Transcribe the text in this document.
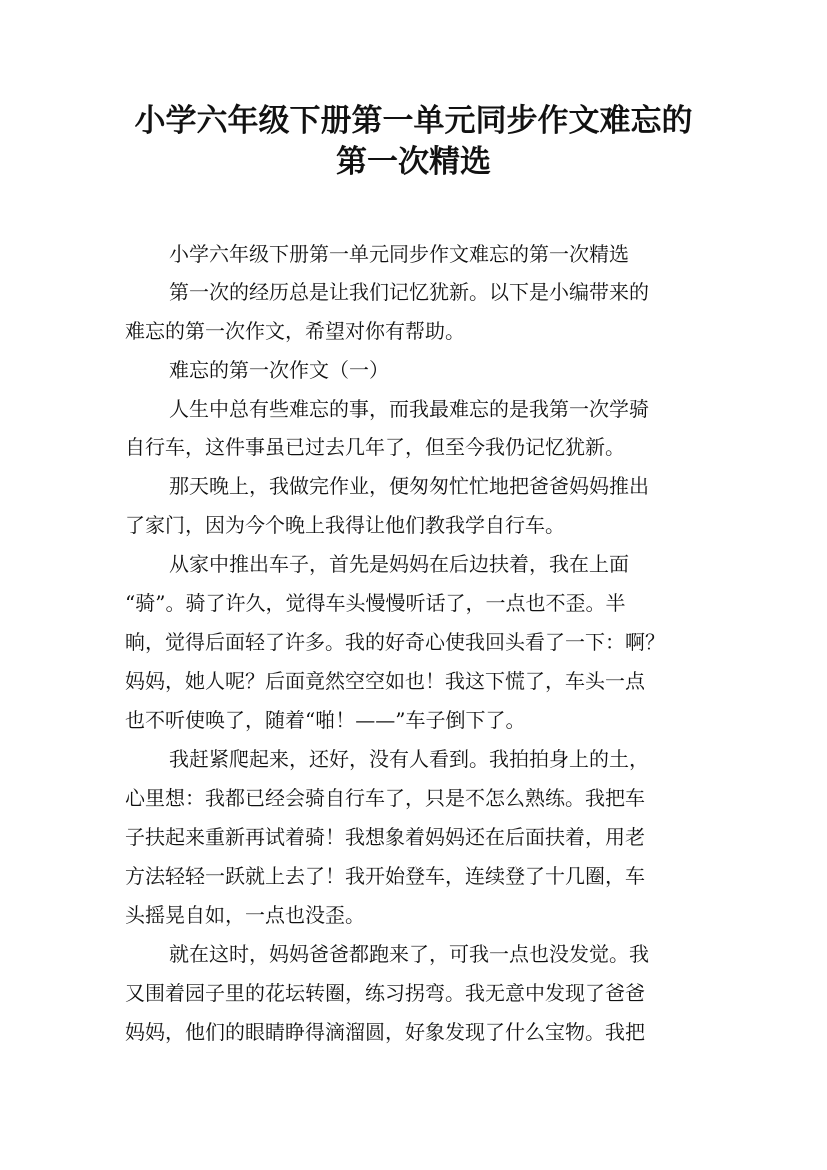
小学六年级下册第一单元同步作文难忘的
第一次精选
小学六年级下册第一单元同步作文难忘的第一次精选
第一次的经历总是让我们记忆犹新。以下是小编带来的
难忘的第一次作文，希望对你有帮助。
难忘的第一次作文（一）
人生中总有些难忘的事，而我最难忘的是我第一次学骑
自行车，这件事虽已过去几年了，但至今我仍记忆犹新。
那天晚上，我做完作业，便匆匆忙忙地把爸爸妈妈推出
了家门，因为今个晚上我得让他们教我学自行车。
从家中推出车子，首先是妈妈在后边扶着，我在上面
“骑”。骑了许久，觉得车头慢慢听话了，一点也不歪。半
晌，觉得后面轻了许多。我的好奇心使我回头看了一下：啊？
妈妈，她人呢？后面竟然空空如也！我这下慌了，车头一点
也不听使唤了，随着“啪！——”车子倒下了。
我赶紧爬起来，还好，没有人看到。我拍拍身上的土，
心里想：我都已经会骑自行车了，只是不怎么熟练。我把车
子扶起来重新再试着骑！我想象着妈妈还在后面扶着，用老
方法轻轻一跃就上去了！我开始登车，连续登了十几圈，车
头摇晃自如，一点也没歪。
就在这时，妈妈爸爸都跑来了，可我一点也没发觉。我
又围着园子里的花坛转圈，练习拐弯。我无意中发现了爸爸
妈妈，他们的眼睛睁得滴溜圆，好象发现了什么宝物。我把
